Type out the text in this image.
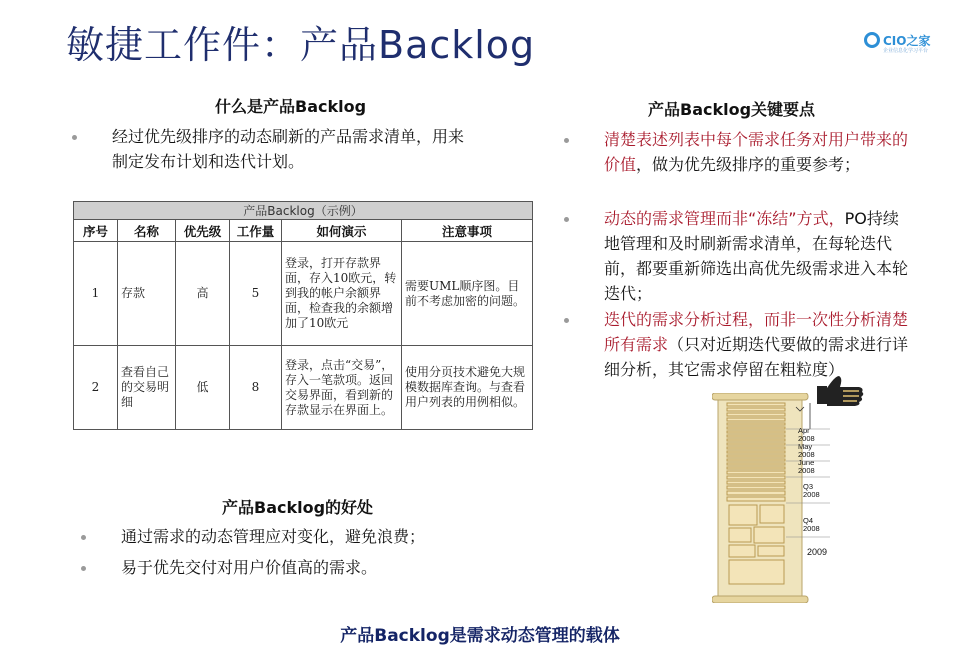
敏捷工作件：产品Backlog	CIO之家
企业信息化学习平台
什么是产品Backlog
经过优先级排序的动态刷新的产品需求清单，用来
制定发布计划和迭代计划。
产品Backlog（示例）					
序号	名称	优先级	工作量	如何演示	注意事项
1	存款	高	5	登录，打开存款界面，存入10欧元，转到我的帐户余额界面，检查我的余额增加了10欧元	需要UML顺序图。目前不考虑加密的问题。
2	查看自己的交易明细	低	8	登录，点击“交易”，存入一笔款项。返回交易界面，看到新的存款显示在界面上。	使用分页技术避免大规模数据库查询。与查看用户列表的用例相似。
产品Backlog的好处
通过需求的动态管理应对变化，避免浪费；
易于优先交付对用户价值高的需求。
产品Backlog关键要点
清楚表述列表中每个需求任务对用户带来的价值，做为优先级排序的重要参考；
动态的需求管理而非“冻结”方式，PO持续地管理和及时刷新需求清单，在每轮迭代前，都要重新筛选出高优先级需求进入本轮迭代；
迭代的需求分析过程，而非一次性分析清楚所有需求（只对近期迭代要做的需求进行详细分析，其它需求停留在粗粒度）
Apr
2008
May
2008
June
2008
Q3
2008
Q4
2008
2009
产品Backlog是需求动态管理的载体
